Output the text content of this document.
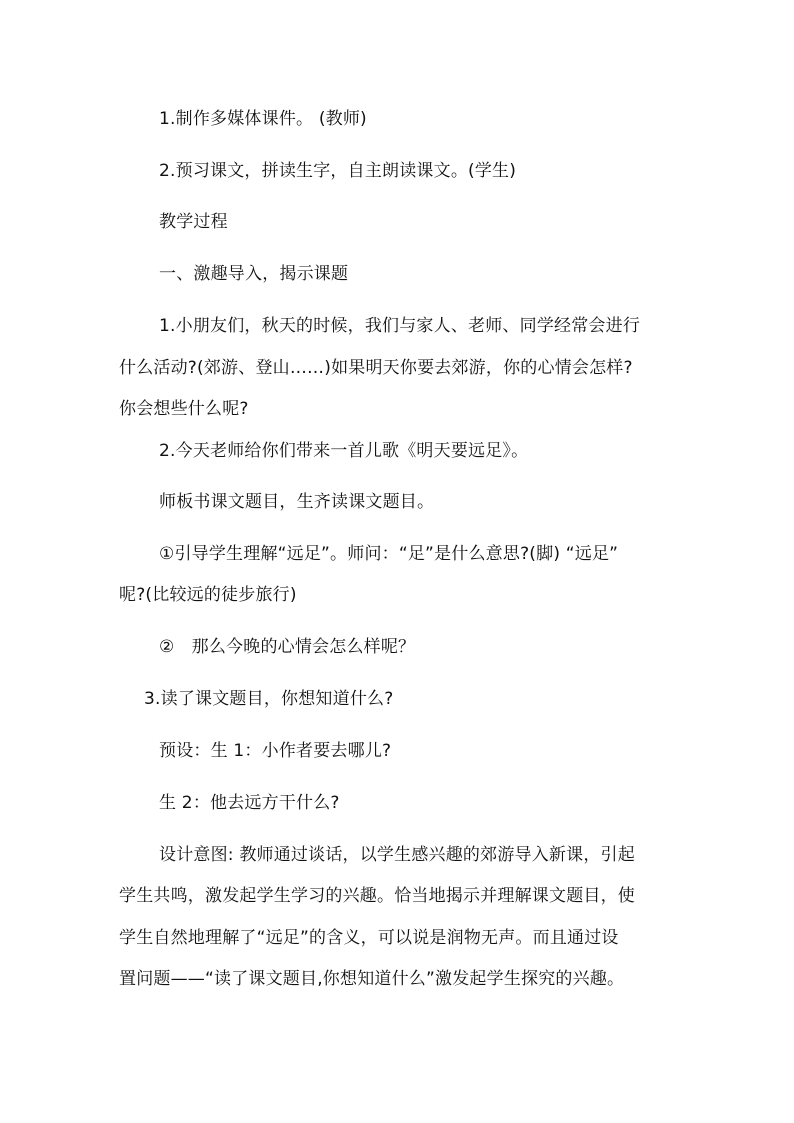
1.制作多媒体课件。 (教师)
2.预习课文，拼读生字，自主朗读课文。(学生)
教学过程
一、激趣导入，揭示课题
1.小朋友们，秋天的时候，我们与家人、老师、同学经常会进行
什么活动?(郊游、登山……)如果明天你要去郊游，你的心情会怎样?
你会想些什么呢?
2.今天老师给你们带来一首儿歌《明天要远足》。
师板书课文题目，生齐读课文题目。
①引导学生理解“远足”。师问：“足”是什么意思?(脚) “远足”
呢?(比较远的徒步旅行)
②　那么今晚的心情会怎么样呢？
3.读了课文题目，你想知道什么?
预设：生 1：小作者要去哪儿?
生 2：他去远方干什么?
设计意图: 教师通过谈话，以学生感兴趣的郊游导入新课，引起
学生共鸣，激发起学生学习的兴趣。恰当地揭示并理解课文题目，使
学生自然地理解了“远足”的含义，可以说是润物无声。而且通过设
置问题——“读了课文题目,你想知道什么”激发起学生探究的兴趣。
